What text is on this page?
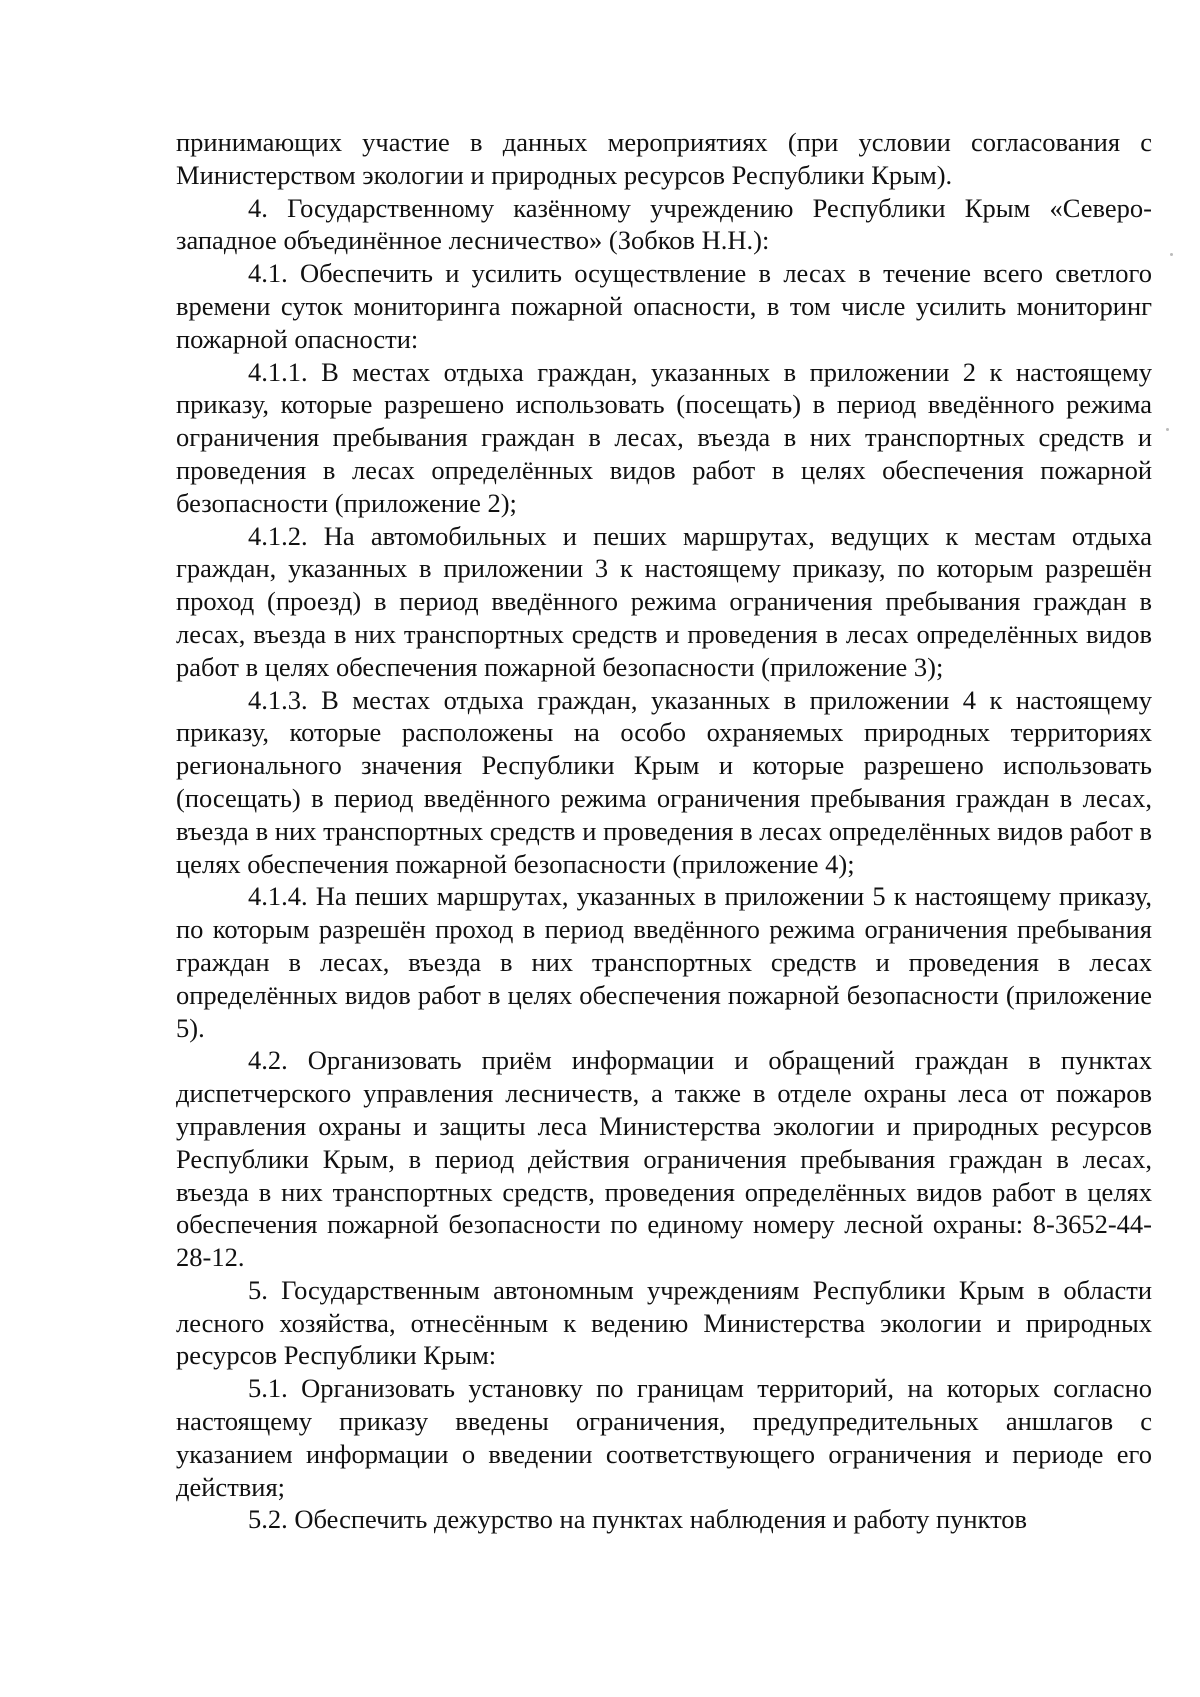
принимающих участие в данных мероприятиях (при условии согласования с Министерством экологии и природных ресурсов Республики Крым).

4. Государственному казённому учреждению Республики Крым «Северо-западное объединённое лесничество» (Зобков Н.Н.):

4.1. Обеспечить и усилить осуществление в лесах в течение всего светлого времени суток мониторинга пожарной опасности, в том числе усилить мониторинг пожарной опасности:

4.1.1. В местах отдыха граждан, указанных в приложении 2 к настоящему приказу, которые разрешено использовать (посещать) в период введённого режима ограничения пребывания граждан в лесах, въезда в них транспортных средств и проведения в лесах определённых видов работ в целях обеспечения пожарной безопасности (приложение 2);

4.1.2. На автомобильных и пеших маршрутах, ведущих к местам отдыха граждан, указанных в приложении 3 к настоящему приказу, по которым разрешён проход (проезд) в период введённого режима ограничения пребывания граждан в лесах, въезда в них транспортных средств и проведения в лесах определённых видов работ в целях обеспечения пожарной безопасности (приложение 3);

4.1.3. В местах отдыха граждан, указанных в приложении 4 к настоящему приказу, которые расположены на особо охраняемых природных территориях регионального значения Республики Крым и которые разрешено использовать (посещать) в период введённого режима ограничения пребывания граждан в лесах, въезда в них транспортных средств и проведения в лесах определённых видов работ в целях обеспечения пожарной безопасности (приложение 4);

4.1.4. На пеших маршрутах, указанных в приложении 5 к настоящему приказу, по которым разрешён проход в период введённого режима ограничения пребывания граждан в лесах, въезда в них транспортных средств и проведения в лесах определённых видов работ в целях обеспечения пожарной безопасности (приложение 5).

4.2. Организовать приём информации и обращений граждан в пунктах диспетчерского управления лесничеств, а также в отделе охраны леса от пожаров управления охраны и защиты леса Министерства экологии и природных ресурсов Республики Крым, в период действия ограничения пребывания граждан в лесах, въезда в них транспортных средств, проведения определённых видов работ в целях обеспечения пожарной безопасности по единому номеру лесной охраны: 8-3652-44-28-12.

5. Государственным автономным учреждениям Республики Крым в области лесного хозяйства, отнесённым к ведению Министерства экологии и природных ресурсов Республики Крым:

5.1. Организовать установку по границам территорий, на которых согласно настоящему приказу введены ограничения, предупредительных аншлагов с указанием информации о введении соответствующего ограничения и периоде его действия;

5.2. Обеспечить дежурство на пунктах наблюдения и работу пунктов
